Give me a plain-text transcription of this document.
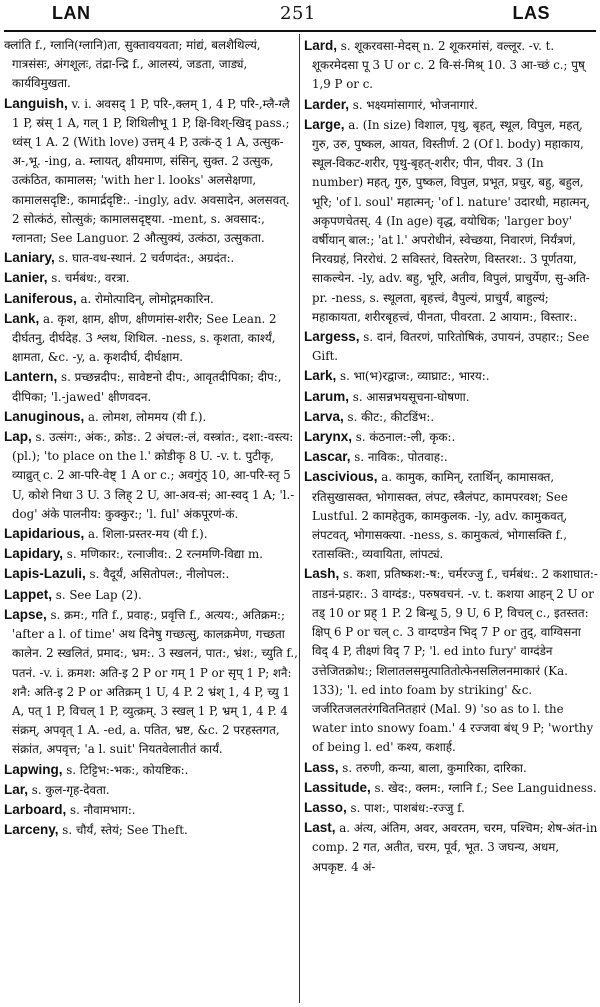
LAN	251	LAS

क्लांति f., ग्लानि(ग्लानि)ता, सुक्तावयवता; मांद्यं, बलशैथिल्यं, गात्रसंसः, अंगशूलः, तंद्रा-न्द्रि f., आलस्यं, जडता, जाड्यं, कार्यविमुखता.

Languish, v. i. अवसद् 1 P, परि-,क्लम् 1, 4 P, परि-,म्लै-ग्लै 1 P, स्रंस् 1 A, गल् 1 P, शिथिलीभू 1 P, क्षि-विश्-खिद् pass.; ध्वंस् 1 A. 2 (With love) उत्तम् 4 P, उत्कं-ठ् 1 A, उत्सुक-अ-,भू. -ing, a. म्लायत्, क्षीयमाण, संसिन्, सुक्त. 2 उत्सुक, उत्कंठित, कामालस; 'with her l. looks' अलसेक्षणा, कामालसदृष्टि:, कामार्द्रदृष्टि:. -ingly, adv. अवसादेन, अलसवत्. 2 सोत्कंठं, सोत्सुकं; कामालसदृष्ट्या. -ment, s. अवसाद:, ग्लानता; See Languor. 2 औत्सुक्यं, उत्कंठा, उत्सुकता.

Laniary, s. घात-वध-स्थानं. 2 चर्वणदंत:, अग्रदंत:.

Lanier, s. चर्मबंध:, वरत्रा.

Laniferous, a. रोमोत्पादिन्, लोमोद्गमकारिन.

Lank, a. कृश, क्षाम, क्षीण, क्षीणमांस-शरीर; See Lean. 2 दीर्घतनु, दीर्घदेह. 3 श्लथ, शिथिल. -ness, s. कृशता, कार्श्यं, क्षामता, &c. -y, a. कृशदीर्घ, दीर्घक्षाम.

Lantern, s. प्रच्छन्नदीप:, सावेष्टनो दीप:, आवृतदीपिका; दीप:, दीपिका; 'l.-jawed' क्षीणवदन.

Lanuginous, a. लोमश, लोममय (यी f.).

Lap, s. उत्संग:, अंक:, क्रोड:. 2 अंचल:-लं, वस्त्रांत:, दशा:-वस्त्य: (pl.); 'to place on the l.' क्रोडीकृ 8 U. -v. t. पुटीकृ, व्याव्रुत् c. 2 आ-परि-वेष्ट् 1 A or c.; अवगुंठ् 10, आ-परि-स्तृ 5 U, कोशे निधा 3 U. 3 लिह् 2 U, आ-अव-सं; आ-स्वद् 1 A; 'l.-dog' अंके पालनीय: कुक्कुर:; 'l. ful' अंकपूरणं-कं.

Lapidarious, a. शिला-प्रस्तर-मय (यी f.).

Lapidary, s. मणिकार:, रत्नाजीव:. 2 रत्नमणि-विद्या m.

Lapis-Lazuli, s. वैदूर्यं, असितोपल:, नीलोपल:.

Lappet, s. See Lap (2).

Lapse, s. क्रम:, गति f., प्रवाह:, प्रवृत्ति f., अत्यय:, अतिक्रम:; 'after a l. of time' अथ दिनेषु गच्छत्सु, कालक्रमेण, गच्छता कालेन. 2 स्खलितं, प्रमाद:, भ्रम:. 3 स्खलनं, पात:, भ्रंश:, च्युति f., पतनं. -v. i. क्रमश: अति-इ 2 P or गम् 1 P or सृप् 1 P; शनै: शनै: अति-इ 2 P or अतिक्रम् 1 U, 4 P. 2 भ्रंश् 1, 4 P, च्यु 1 A, पत् 1 P, विचल् 1 P, व्युत्क्रम्. 3 स्खल् 1 P, भ्रम् 1, 4 P. 4 संक्रम्, अपवृत् 1 A. -ed, a. पतित, भ्रष्ट, &c. 2 परहस्तगत, संक्रांत, अपवृत्त; 'a l. suit' नियतवेलातीतं कार्यं.

Lapwing, s. टिट्टिभ:-भक:, कोयष्टिक:.

Lar, s. कुल-गृह-देवता.

Larboard, s. नौवामभाग:.

Larceny, s. चौर्यं, स्तेयं; See Theft.

Lard, s. शूकरवसा-मेदस् n. 2 शूकरमांसं, वल्लूर. -v. t. शूकरमेदसा पू 3 U or c. 2 वि-सं-मिश्र् 10. 3 आ-च्छं c.; पुष् 1,9 P or c.

Larder, s. भक्ष्यमांसागारं, भोजनागारं.

Large, a. (In size) विशाल, पृथु, बृहत्, स्थूल, विपुल, महत्, गुरु, उरु, पुष्कल, आयत, विस्तीर्ण. 2 (Of l. body) महाकाय, स्थूल-विकट-शरीर, पृथु-बृहत्-शरीर; पीन, पीवर. 3 (In number) महत्, गुरु, पुष्कल, विपुल, प्रभूत, प्रचुर, बहु, बहुल, भूरि; 'of l. soul' महात्मन्; 'of l. nature' उदारधी, महात्मन्, अकृपणचेतस्. 4 (In age) वृद्ध, वयोधिक; 'larger boy' वर्षीयान् बाल:; 'at l.' अपरोधीनं, स्वेच्छया, निवारणं, निर्यंत्रणं, निरवग्रहं, निररोधं. 2 सविस्तरं, विस्तरेण, विस्तरश:. 3 पूर्णतया, साकल्येन. -ly, adv. बहु, भूरि, अतीव, विपुलं, प्राचुर्येण, सु-अति-pr. -ness, s. स्थूलता, बृहत्त्वं, वैपुल्यं, प्राचुर्यं, बाहुल्यं; महाकायता, शरीरबृहत्त्वं, पीनता, पीवरता. 2 आयाम:, विस्तार:.

Largess, s. दानं, वितरणं, पारितोषिकं, उपायनं, उपहार:; See Gift.

Lark, s. भा(भ)रद्वाज:, व्याघ्राट:, भारय:.

Larum, s. आसन्नभयसूचना-घोषणा.

Larva, s. कीट:, कीटडिंभ:.

Larynx, s. कंठनाल:-ली, कृक:.

Lascar, s. नाविक:, पोतवाह:.

Lascivious, a. कामुक, कामिन्, रतार्थिन्, कामासक्त, रतिसुखासक्त, भोगासक्त, लंपट, स्त्रैलंपट, कामपरवश; See Lustful. 2 कामहेतुक, कामकुलक. -ly, adv. कामुकवत्, लंपटवत्, भोगासक्त्या. -ness, s. कामुकत्वं, भोगासक्ति f., रतासक्ति:, व्यवायिता, लांपट्यं.

Lash, s. कशा, प्रतिष्कश:-ष:, चर्मरज्जु f., चर्मबंध:. 2 कशाघात:-ताडनं-प्रहार:. 3 वाग्दंड:, परुषवचनं. -v. t. कशया आहन् 2 U or तड् 10 or प्रह् 1 P. 2 बिन्धू 5, 9 U, 6 P, विचल् c., इतस्तत: क्षिप् 6 P or चल् c. 3 वाग्दण्डेन भिद् 7 P or तुद्, वाग्विसना विद् 4 P, तीक्ष्णं विद् 7 P; 'l. ed into fury' वाग्दंडेन उत्तेजितक्रोध:; शिलातलसमुत्पातितोत्फेनसलिलनमाकारं (Ka. 133); 'l. ed into foam by striking' &c. जर्जरितजलतरंगवितनितहारं (Mal. 9) 'so as to l. the water into snowy foam.' 4 रज्जवा बंध् 9 P; 'worthy of being l. ed' कश्य, कशार्ह.

Lass, s. तरुणी, कन्या, बाला, कुमारिका, दारिका.

Lassitude, s. खेद:, क्लम:, ग्लानि f.; See Languidness.

Lasso, s. पाश:, पाशबंध:-रज्जु f.

Last, a. अंत्य, अंतिम, अवर, अवरतम, चरम, पश्चिम; शेष-अंत-in comp. 2 गत, अतीत, चरम, पूर्व, भूत. 3 जघन्य, अधम, अपकृष्ट. 4 अं-
